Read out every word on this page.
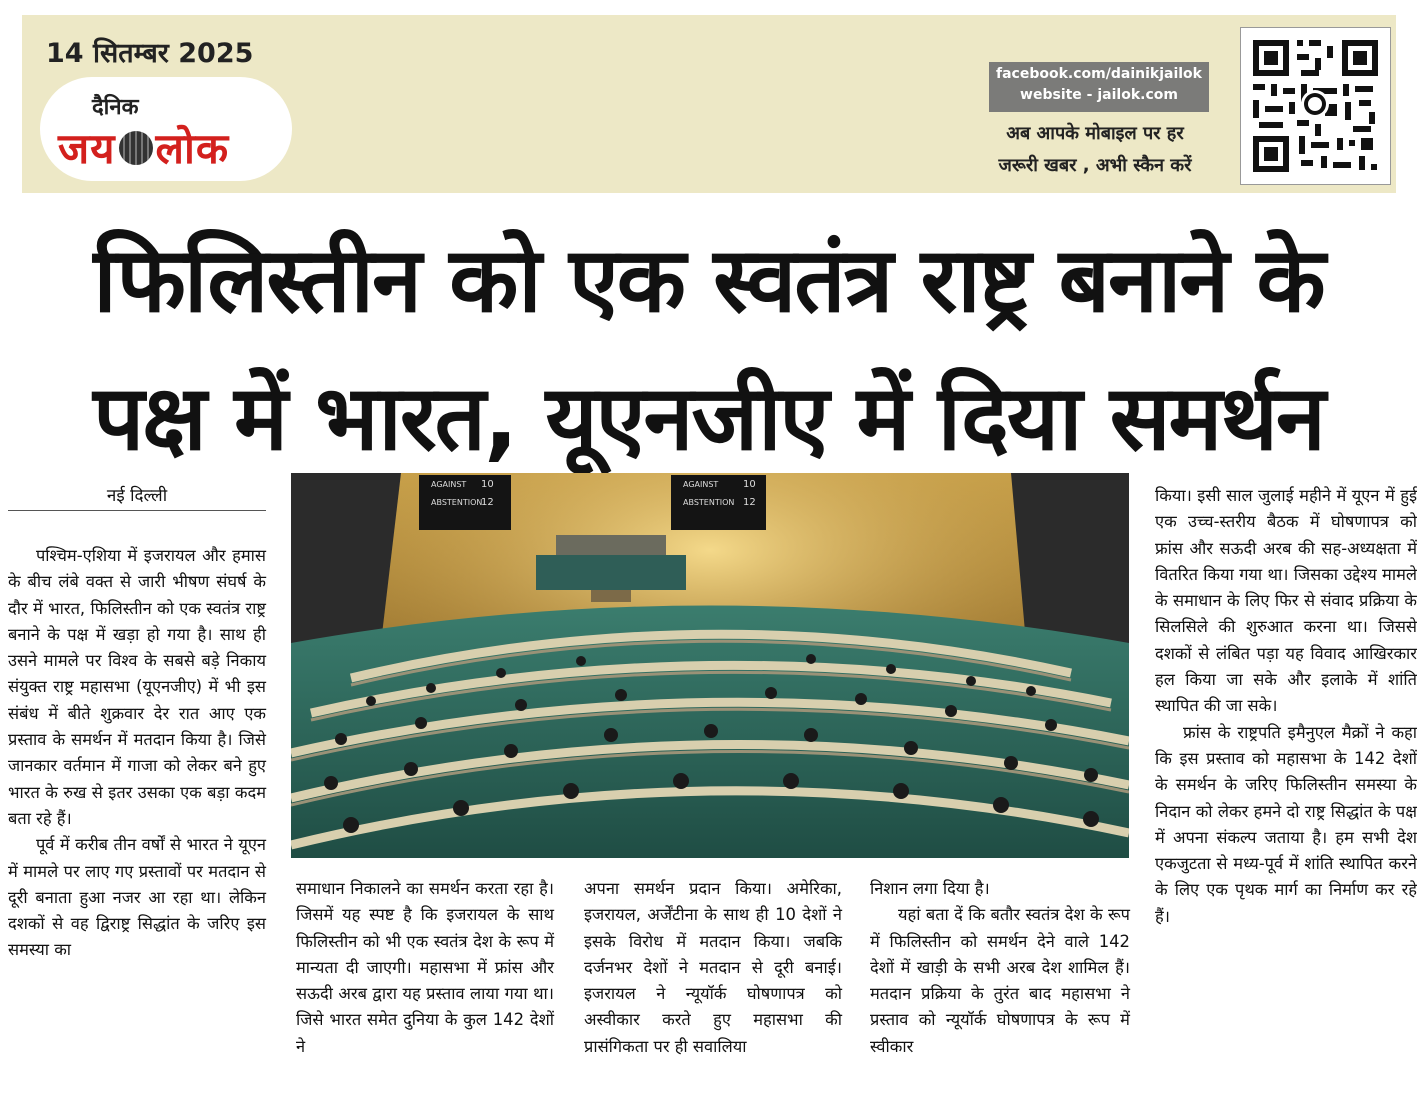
14 सितम्बर 2025
दैनिक
जय लोक
facebook.com/dainikjailok
website - jailok.com
अब आपके मोबाइल पर हर
जरूरी खबर , अभी स्कैन करें
फिलिस्तीन को एक स्वतंत्र राष्ट्र बनाने के
पक्ष में भारत, यूएनजीए में दिया समर्थन
AGAINST
ABSTENTION
10
12
AGAINST
ABSTENTION
10
12
नई दिल्ली

पश्चिम-एशिया में इजरायल और हमास के बीच लंबे वक्त से जारी भीषण संघर्ष के दौर में भारत, फिलिस्तीन को एक स्वतंत्र राष्ट्र बनाने के पक्ष में खड़ा हो गया है। साथ ही उसने मामले पर विश्व के सबसे बड़े निकाय संयुक्त राष्ट्र महासभा (यूएनजीए) में भी इस संबंध में बीते शुक्रवार देर रात आए एक प्रस्ताव के समर्थन में मतदान किया है। जिसे जानकार वर्तमान में गाजा को लेकर बने हुए भारत के रुख से इतर उसका एक बड़ा कदम बता रहे हैं।

पूर्व में करीब तीन वर्षों से भारत ने यूएन में मामले पर लाए गए प्रस्तावों पर मतदान से दूरी बनाता हुआ नजर आ रहा था। लेकिन दशकों से वह द्विराष्ट्र सिद्धांत के जरिए इस समस्या का

समाधान निकालने का समर्थन करता रहा है। जिसमें यह स्पष्ट है कि इजरायल के साथ फिलिस्तीन को भी एक स्वतंत्र देश के रूप में मान्यता दी जाएगी। महासभा में फ्रांस और सऊदी अरब द्वारा यह प्रस्ताव लाया गया था। जिसे भारत समेत दुनिया के कुल 142 देशों ने

अपना समर्थन प्रदान किया। अमेरिका, इजरायल, अर्जेंटीना के साथ ही 10 देशों ने इसके विरोध में मतदान किया। जबकि दर्जनभर देशों ने मतदान से दूरी बनाई। इजरायल ने न्यूयॉर्क घोषणापत्र को अस्वीकार करते हुए महासभा की प्रासंगिकता पर ही सवालिया

निशान लगा दिया है।

यहां बता दें कि बतौर स्वतंत्र देश के रूप में फिलिस्तीन को समर्थन देने वाले 142 देशों में खाड़ी के सभी अरब देश शामिल हैं। मतदान प्रक्रिया के तुरंत बाद महासभा ने प्रस्ताव को न्यूयॉर्क घोषणापत्र के रूप में स्वीकार

किया। इसी साल जुलाई महीने में यूएन में हुई एक उच्च-स्तरीय बैठक में घोषणापत्र को फ्रांस और सऊदी अरब की सह-अध्यक्षता में वितरित किया गया था। जिसका उद्देश्य मामले के समाधान के लिए फिर से संवाद प्रक्रिया के सिलसिले की शुरुआत करना था। जिससे दशकों से लंबित पड़ा यह विवाद आखिरकार हल किया जा सके और इलाके में शांति स्थापित की जा सके।

फ्रांस के राष्ट्रपति इमैनुएल मैक्रों ने कहा कि इस प्रस्ताव को महासभा के 142 देशों के समर्थन के जरिए फिलिस्तीन समस्या के निदान को लेकर हमने दो राष्ट्र सिद्धांत के पक्ष में अपना संकल्प जताया है। हम सभी देश एकजुटता से मध्य-पूर्व में शांति स्थापित करने के लिए एक पृथक मार्ग का निर्माण कर रहे हैं।
